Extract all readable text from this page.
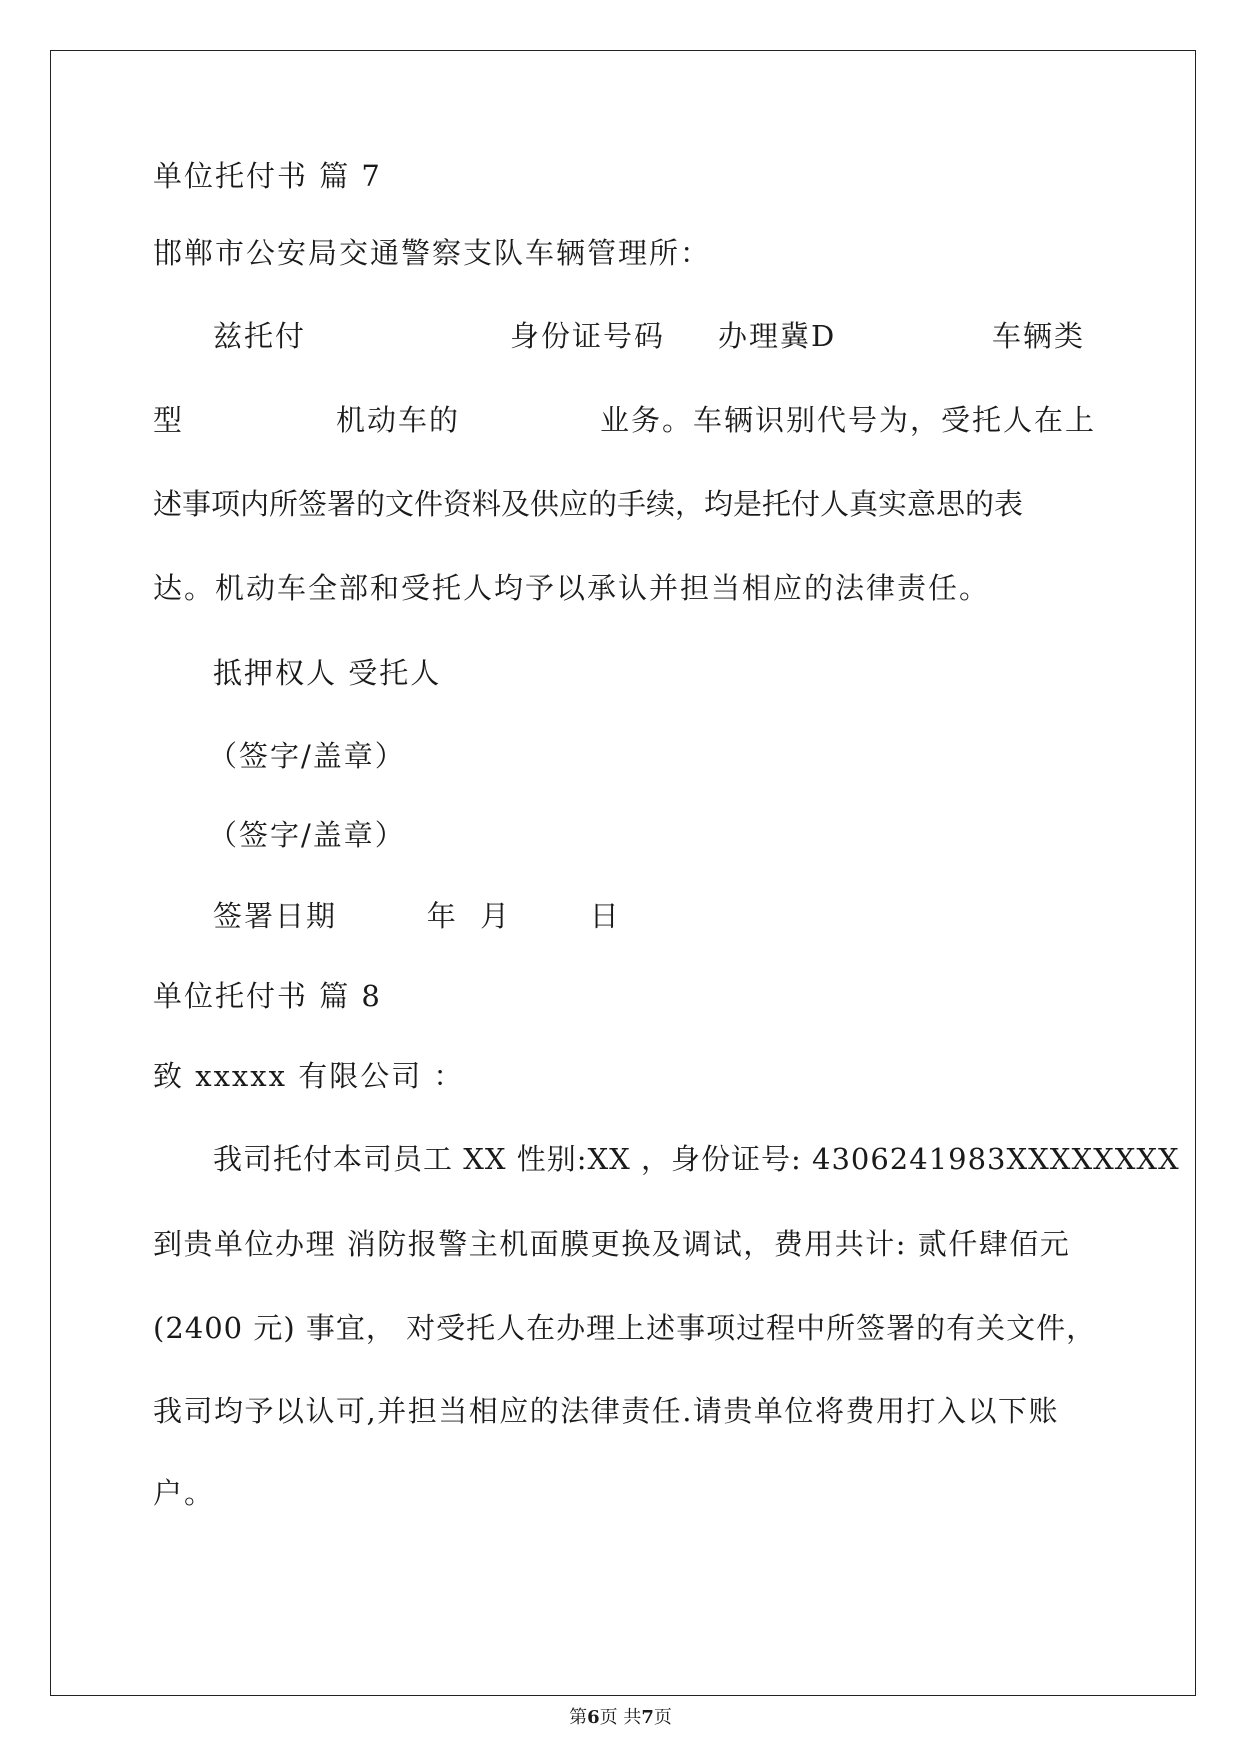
单位托付书 篇 7
邯郸市公安局交通警察支队车辆管理所：
兹托付	身份证号码 办理冀D	车辆类
型	机动车的	业务。车辆识别代号为，受托人在上
述事项内所签署的文件资料及供应的手续，均是托付人真实意思的表
达。机动车全部和受托人均予以承认并担当相应的法律责任。
抵押权人 受托人
（签字/盖章）
（签字/盖章）
签署日期        年  月       日
单位托付书 篇 8
致 xxxxx 有限公司 ：
我司托付本司员工 XX 性别:XX ，身份证号: 4306241983XXXXXXXX
到贵单位办理 消防报警主机面膜更换及调试，费用共计: 贰仟肆佰元
(2400 元) 事宜， 对受托人在办理上述事项过程中所签署的有关文件，
我司均予以认可,并担当相应的法律责任.请贵单位将费用打入以下账
户。
第6页 共7页
